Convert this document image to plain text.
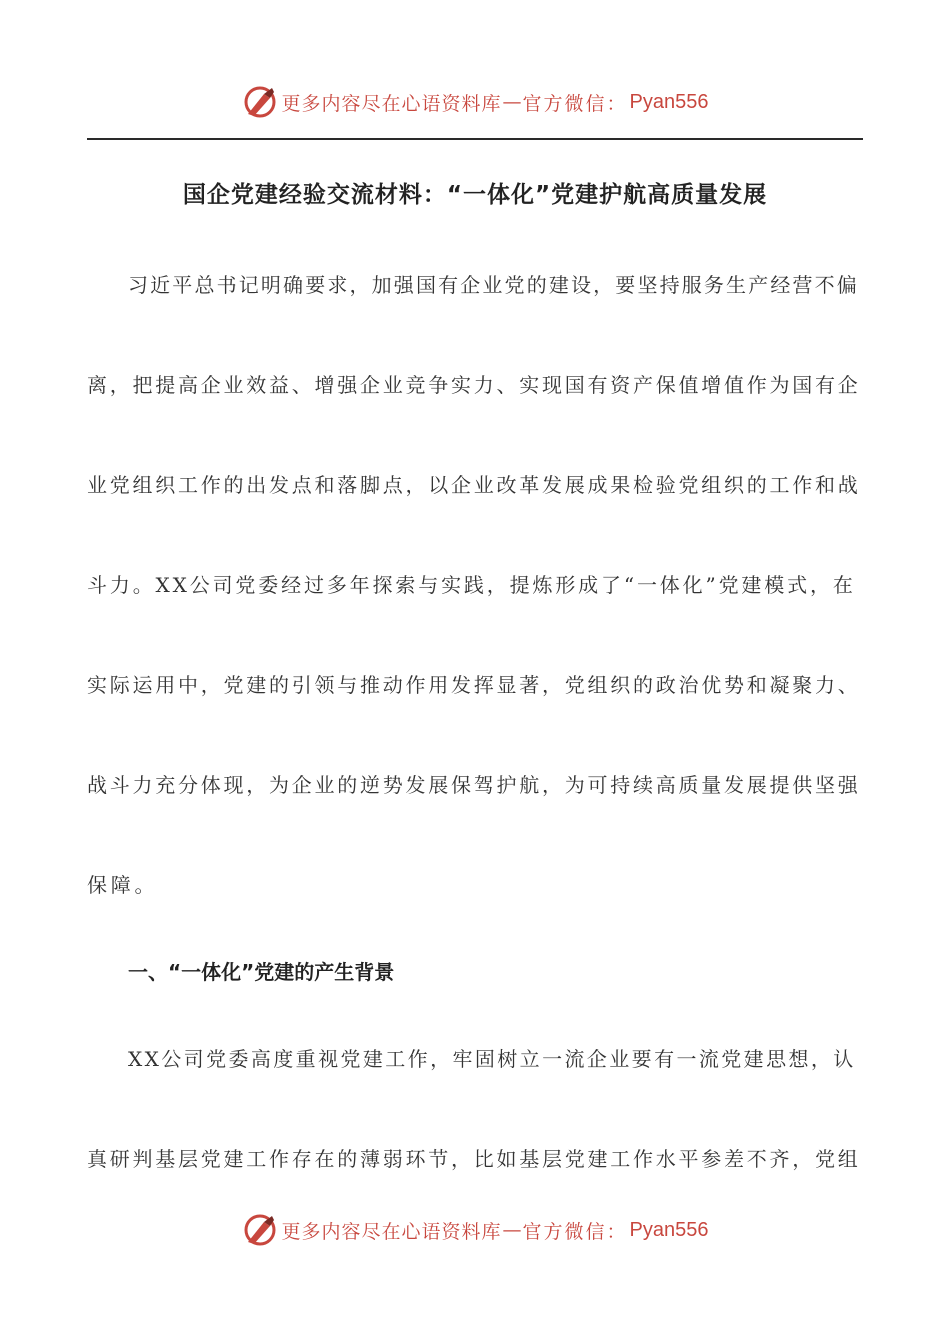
更多内容尽在心语资料库 — 官方微信： Pyan556
国企党建经验交流材料：“一体化”党建护航高质量发展
习近平总书记明确要求，加强国有企业党的建设，要坚持服务生产经营不偏
离，把提高企业效益、增强企业竞争实力、实现国有资产保值增值作为国有企
业党组织工作的出发点和落脚点，以企业改革发展成果检验党组织的工作和战
斗力。XX公司党委经过多年探索与实践，提炼形成了“一体化”党建模式，在
实际运用中，党建的引领与推动作用发挥显著，党组织的政治优势和凝聚力、
战斗力充分体现，为企业的逆势发展保驾护航，为可持续高质量发展提供坚强
保障。
一、“一体化”党建的产生背景
XX公司党委高度重视党建工作，牢固树立一流企业要有一流党建思想，认
真研判基层党建工作存在的薄弱环节，比如基层党建工作水平参差不齐，党组
更多内容尽在心语资料库 — 官方微信： Pyan556
